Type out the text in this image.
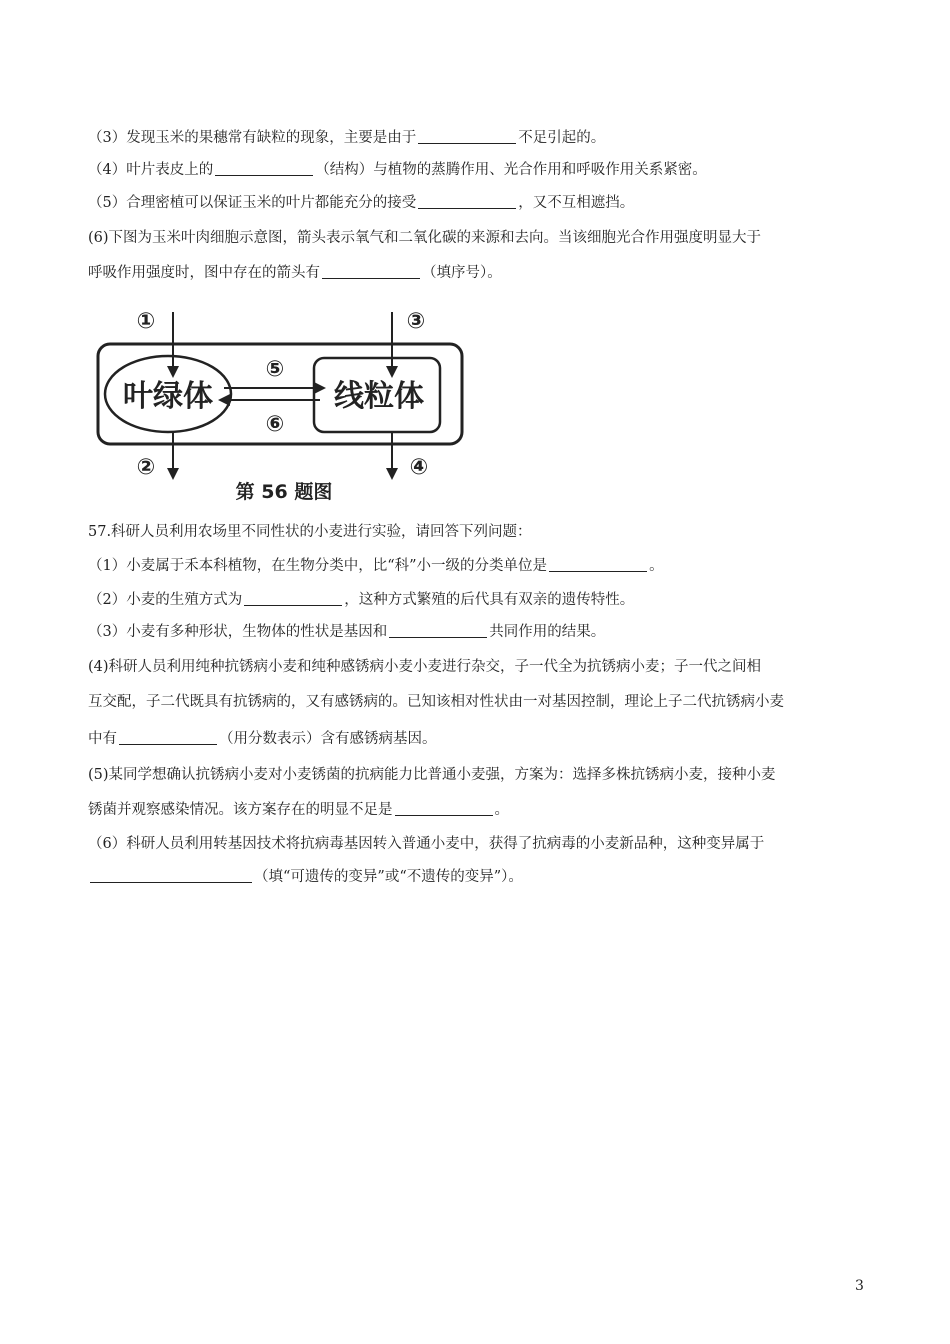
（3）发现玉米的果穗常有缺粒的现象，主要是由于	不足引起的。
（4）叶片表皮上的	（结构）与植物的蒸腾作用、光合作用和呼吸作用关系紧密。
（5）合理密植可以保证玉米的叶片都能充分的接受	，又不互相遮挡。
(6)下图为玉米叶肉细胞示意图，箭头表示氧气和二氧化碳的来源和去向。当该细胞光合作用强度明显大于
呼吸作用强度时，图中存在的箭头有	（填序号）。
叶绿体	线粒体
①	③
⑤
⑥
②	④
第 56 题图
57.科研人员利用农场里不同性状的小麦进行实验，请回答下列问题：
（1）小麦属于禾本科植物，在生物分类中，比“科”小一级的分类单位是	。
（2）小麦的生殖方式为	，这种方式繁殖的后代具有双亲的遗传特性。
（3）小麦有多种形状，生物体的性状是基因和	共同作用的结果。
(4)科研人员利用纯种抗锈病小麦和纯种感锈病小麦小麦进行杂交，子一代全为抗锈病小麦；子一代之间相
互交配，子二代既具有抗锈病的，又有感锈病的。已知该相对性状由一对基因控制，理论上子二代抗锈病小麦
中有	（用分数表示）含有感锈病基因。
(5)某同学想确认抗锈病小麦对小麦锈菌的抗病能力比普通小麦强，方案为：选择多株抗锈病小麦，接种小麦
锈菌并观察感染情况。该方案存在的明显不足是	。
（6）科研人员利用转基因技术将抗病毒基因转入普通小麦中，获得了抗病毒的小麦新品种，这种变异属于
（填“可遗传的变异”或“不遗传的变异”）。
3
